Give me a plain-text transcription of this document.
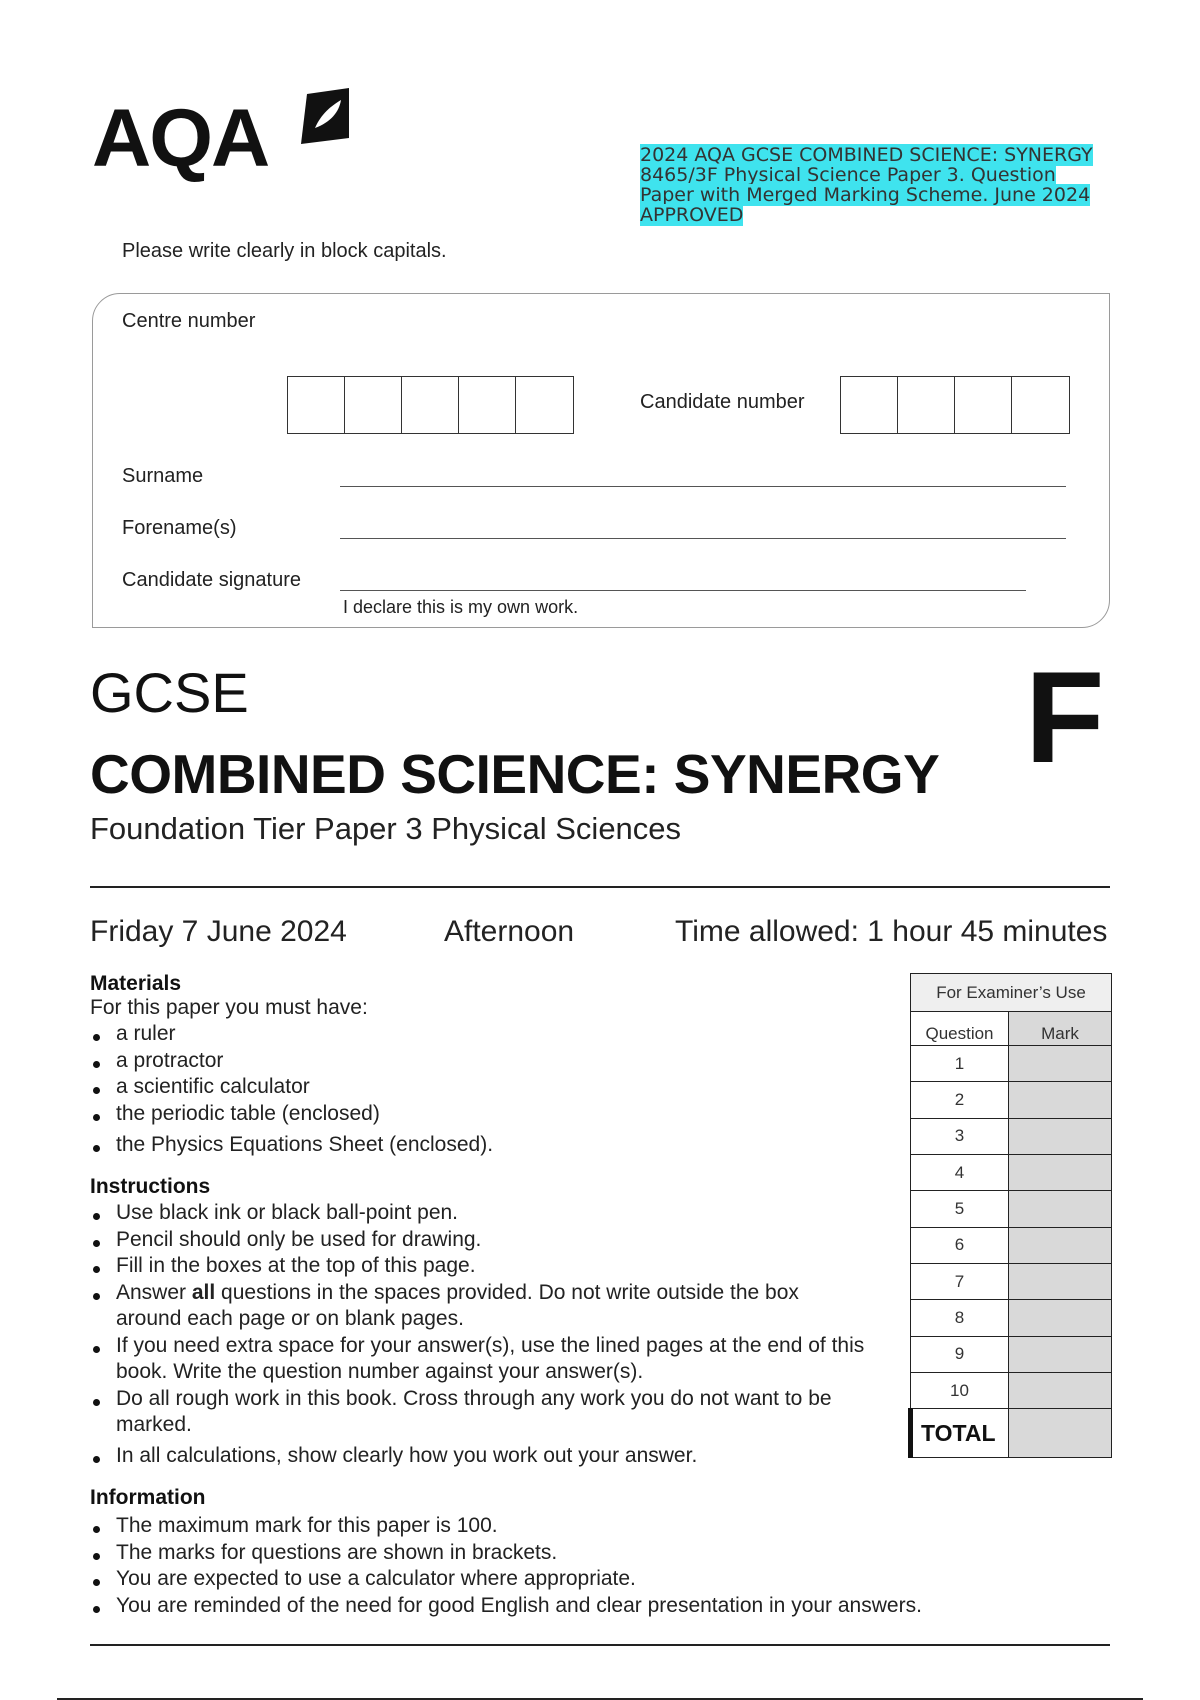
AQA	2024 AQA GCSE COMBINED SCIENCE: SYNERGY 8465/3F Physical Science Paper 3. Question Paper with Merged Marking Scheme. June 2024 APPROVED
Please write clearly in block capitals.
Centre number
Candidate number
Surname
Forename(s)
Candidate signature
I declare this is my own work.
GCSE	F
COMBINED SCIENCE: SYNERGY
Foundation Tier Paper 3 Physical Sciences
Friday 7 June 2024	Afternoon	Time allowed: 1 hour 45 minutes
Materials
For this paper you must have:
a ruler
a protractor
a scientific calculator
the periodic table (enclosed)
the Physics Equations Sheet (enclosed).
Instructions
Use black ink or black ball-point pen.
Pencil should only be used for drawing.
Fill in the boxes at the top of this page.
Answer all questions in the spaces provided. Do not write outside the box around each page or on blank pages.
If you need extra space for your answer(s), use the lined pages at the end of this book. Write the question number against your answer(s).
Do all rough work in this book. Cross through any work you do not want to be marked.
In all calculations, show clearly how you work out your answer.
Information
The maximum mark for this paper is 100.
The marks for questions are shown in brackets.
You are expected to use a calculator where appropriate.
You are reminded of the need for good English and clear presentation in your answers.
For Examiner’s Use	
Question	Mark
1	
2	
3	
4	
5	
6	
7	
8	
9	
10	
TOTAL	
